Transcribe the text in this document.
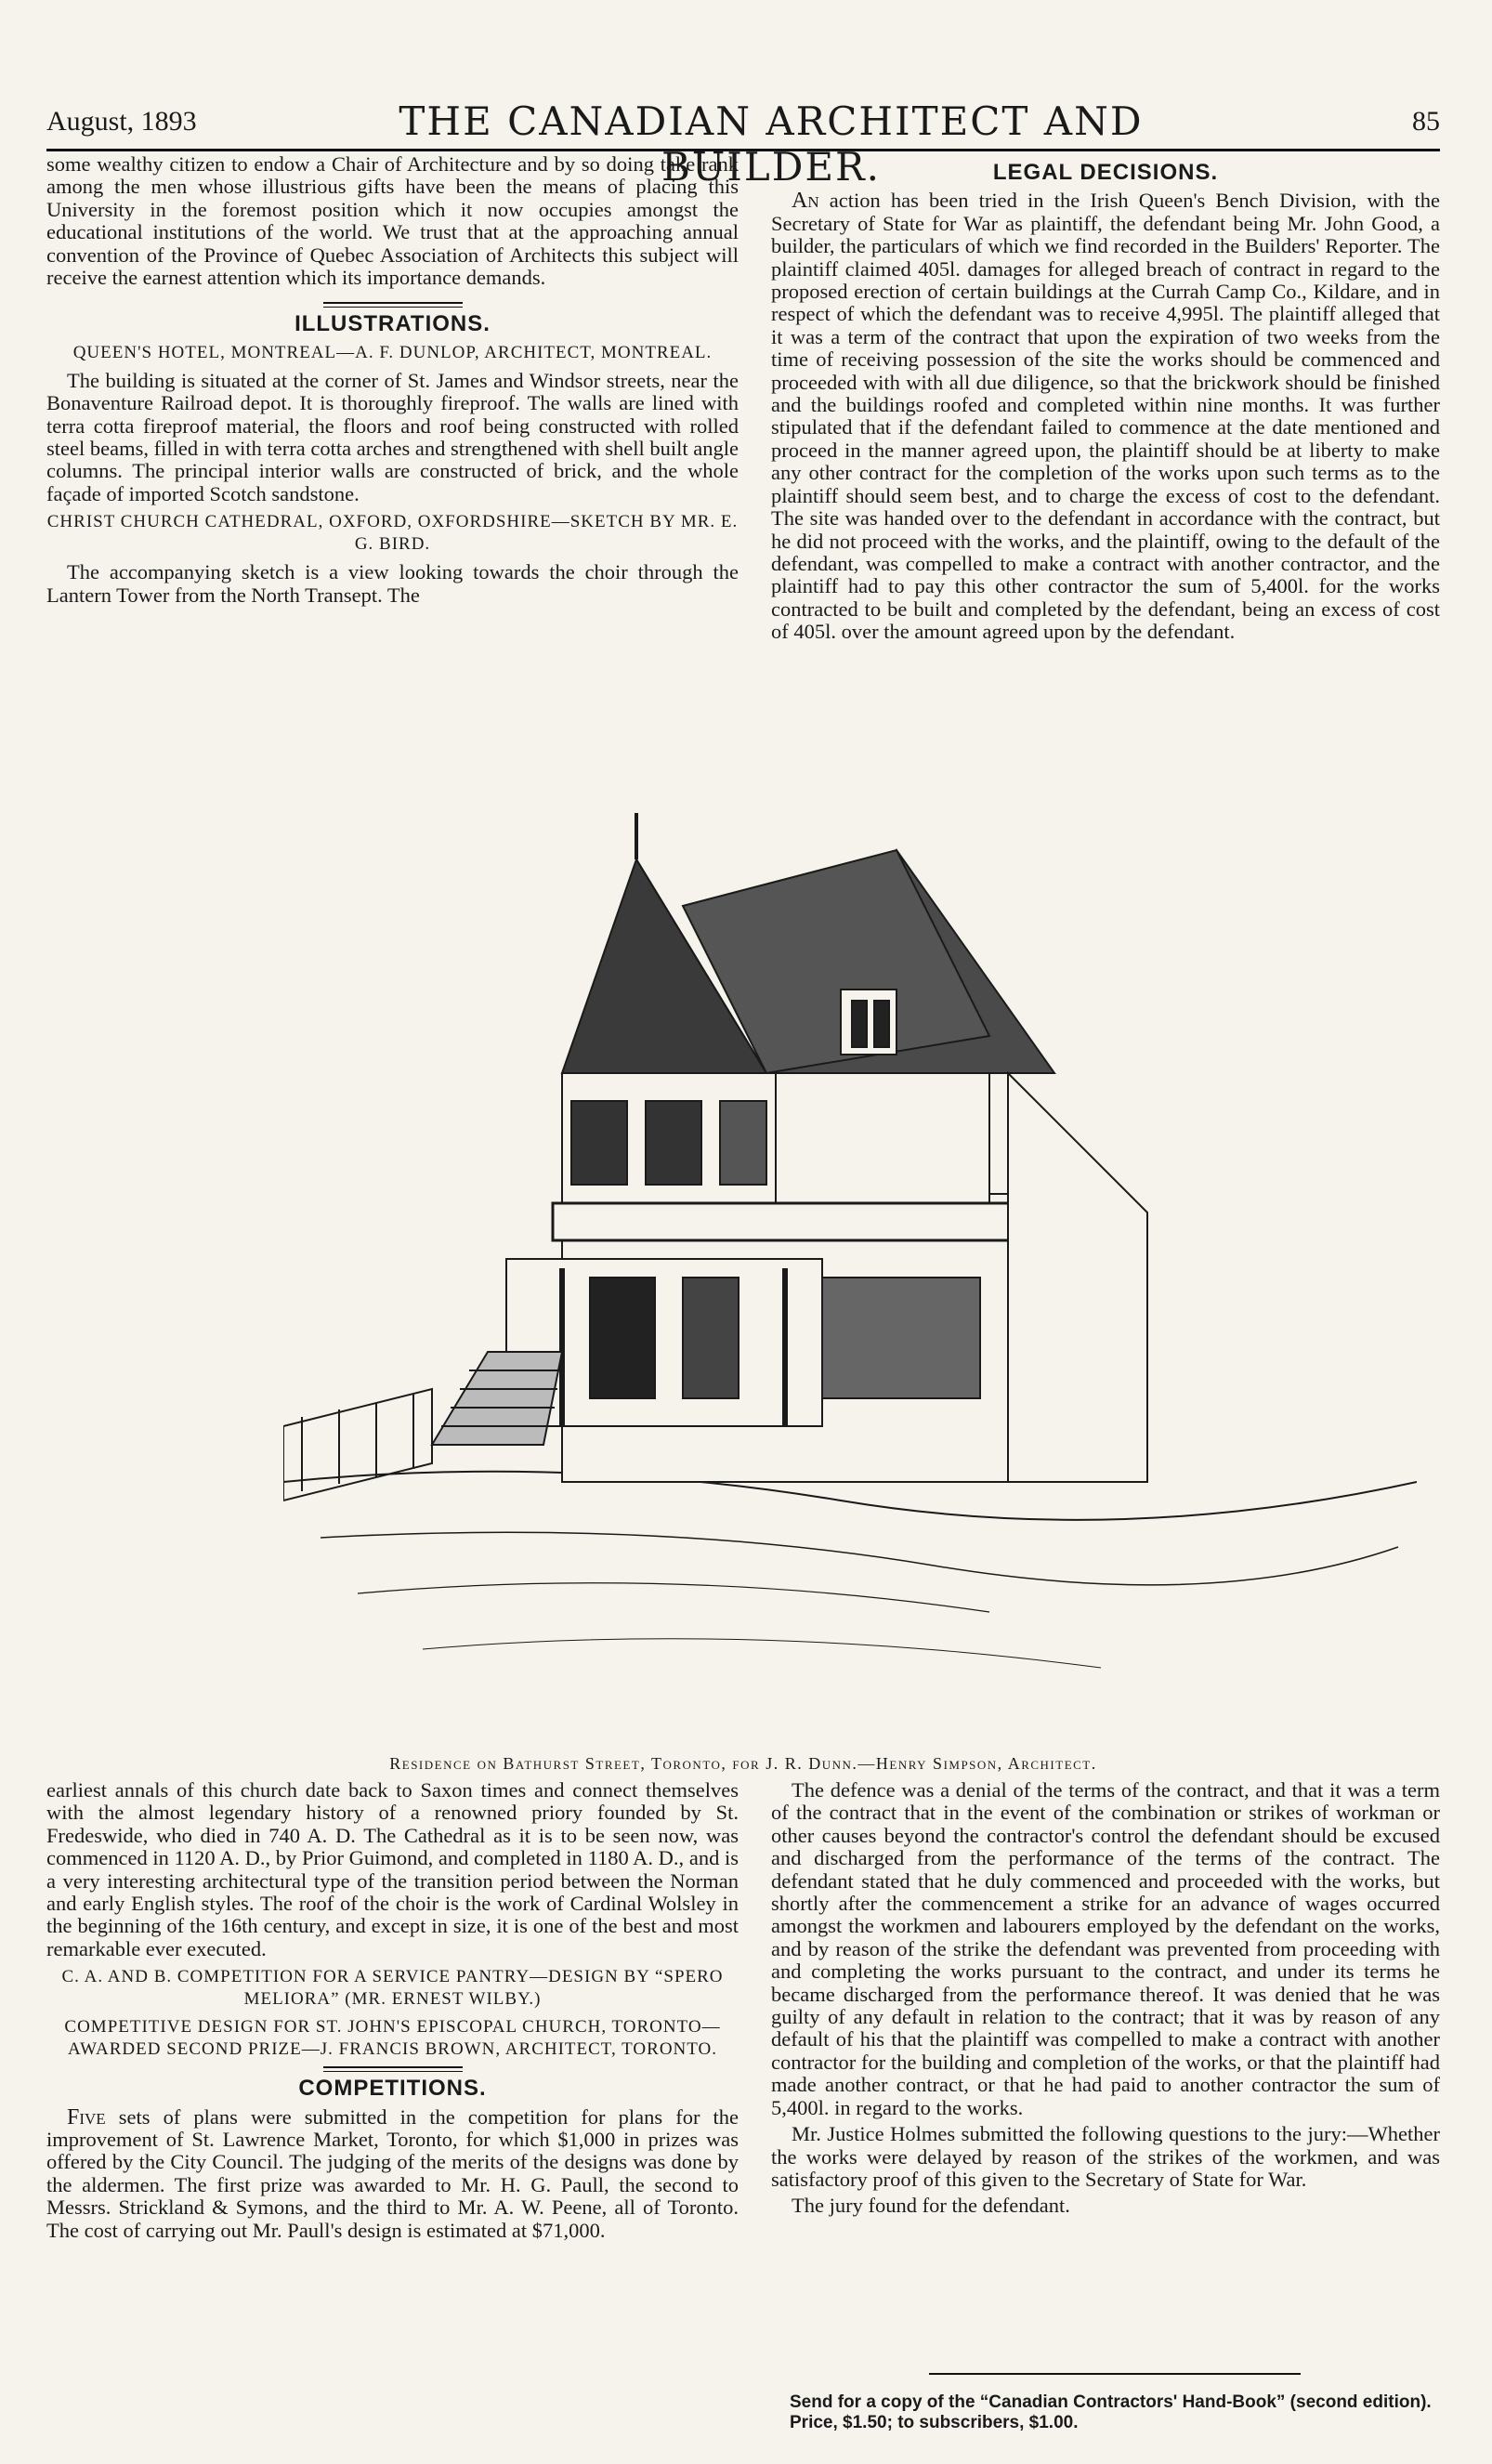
August, 1893	THE CANADIAN ARCHITECT AND BUILDER.
85

some wealthy citizen to endow a Chair of Architecture and by so doing take rank among the men whose illustrious gifts have been the means of placing this University in the foremost position which it now occupies amongst the educational institutions of the world. We trust that at the approaching annual convention of the Province of Quebec Association of Architects this subject will receive the earnest attention which its importance demands.

ILLUSTRATIONS.
QUEEN'S HOTEL, MONTREAL—A. F. DUNLOP, ARCHITECT, MONTREAL.

The building is situated at the corner of St. James and Windsor streets, near the Bonaventure Railroad depot. It is thoroughly fireproof. The walls are lined with terra cotta fireproof material, the floors and roof being constructed with rolled steel beams, filled in with terra cotta arches and strengthened with shell built angle columns. The principal interior walls are constructed of brick, and the whole façade of imported Scotch sandstone.

CHRIST CHURCH CATHEDRAL, OXFORD, OXFORDSHIRE—SKETCH BY MR. E. G. BIRD.

The accompanying sketch is a view looking towards the choir through the Lantern Tower from the North Transept. The

LEGAL DECISIONS.

An action has been tried in the Irish Queen's Bench Division, with the Secretary of State for War as plaintiff, the defendant being Mr. John Good, a builder, the particulars of which we find recorded in the Builders' Reporter. The plaintiff claimed 405l. damages for alleged breach of contract in regard to the proposed erection of certain buildings at the Currah Camp Co., Kildare, and in respect of which the defendant was to receive 4,995l. The plaintiff alleged that it was a term of the contract that upon the expiration of two weeks from the time of receiving possession of the site the works should be commenced and proceeded with with all due diligence, so that the brickwork should be finished and the buildings roofed and completed within nine months. It was further stipulated that if the defendant failed to commence at the date mentioned and proceed in the manner agreed upon, the plaintiff should be at liberty to make any other contract for the completion of the works upon such terms as to the plaintiff should seem best, and to charge the excess of cost to the defendant. The site was handed over to the defendant in accordance with the contract, but he did not proceed with the works, and the plaintiff, owing to the default of the defendant, was compelled to make a contract with another contractor, and the plaintiff had to pay this other contractor the sum of 5,400l. for the works contracted to be built and completed by the defendant, being an excess of cost of 405l. over the amount agreed upon by the defendant.

Residence on Bathurst Street, Toronto, for J. R. Dunn.—Henry Simpson, Architect.

earliest annals of this church date back to Saxon times and connect themselves with the almost legendary history of a renowned priory founded by St. Fredeswide, who died in 740 A. D. The Cathedral as it is to be seen now, was commenced in 1120 A. D., by Prior Guimond, and completed in 1180 A. D., and is a very interesting architectural type of the transition period between the Norman and early English styles. The roof of the choir is the work of Cardinal Wolsley in the beginning of the 16th century, and except in size, it is one of the best and most remarkable ever executed.

C. A. AND B. COMPETITION FOR A SERVICE PANTRY—DESIGN BY “SPERO MELIORA” (MR. ERNEST WILBY.)
COMPETITIVE DESIGN FOR ST. JOHN'S EPISCOPAL CHURCH, TORONTO—AWARDED SECOND PRIZE—J. FRANCIS BROWN, ARCHITECT, TORONTO.
COMPETITIONS.

Five sets of plans were submitted in the competition for plans for the improvement of St. Lawrence Market, Toronto, for which $1,000 in prizes was offered by the City Council. The judging of the merits of the designs was done by the aldermen. The first prize was awarded to Mr. H. G. Paull, the second to Messrs. Strickland & Symons, and the third to Mr. A. W. Peene, all of Toronto. The cost of carrying out Mr. Paull's design is estimated at $71,000.

The defence was a denial of the terms of the contract, and that it was a term of the contract that in the event of the combination or strikes of workman or other causes beyond the contractor's control the defendant should be excused and discharged from the performance of the terms of the contract. The defendant stated that he duly commenced and proceeded with the works, but shortly after the commencement a strike for an advance of wages occurred amongst the workmen and labourers employed by the defendant on the works, and by reason of the strike the defendant was prevented from proceeding with and completing the works pursuant to the contract, and under its terms he became discharged from the performance thereof. It was denied that he was guilty of any default in relation to the contract; that it was by reason of any default of his that the plaintiff was compelled to make a contract with another contractor for the building and completion of the works, or that the plaintiff had made another contract, or that he had paid to another contractor the sum of 5,400l. in regard to the works.

Mr. Justice Holmes submitted the following questions to the jury:—Whether the works were delayed by reason of the strikes of the workmen, and was satisfactory proof of this given to the Secretary of State for War.

The jury found for the defendant.

Send for a copy of the “Canadian Contractors' Hand-Book” (second edition). Price, $1.50; to subscribers, $1.00.
